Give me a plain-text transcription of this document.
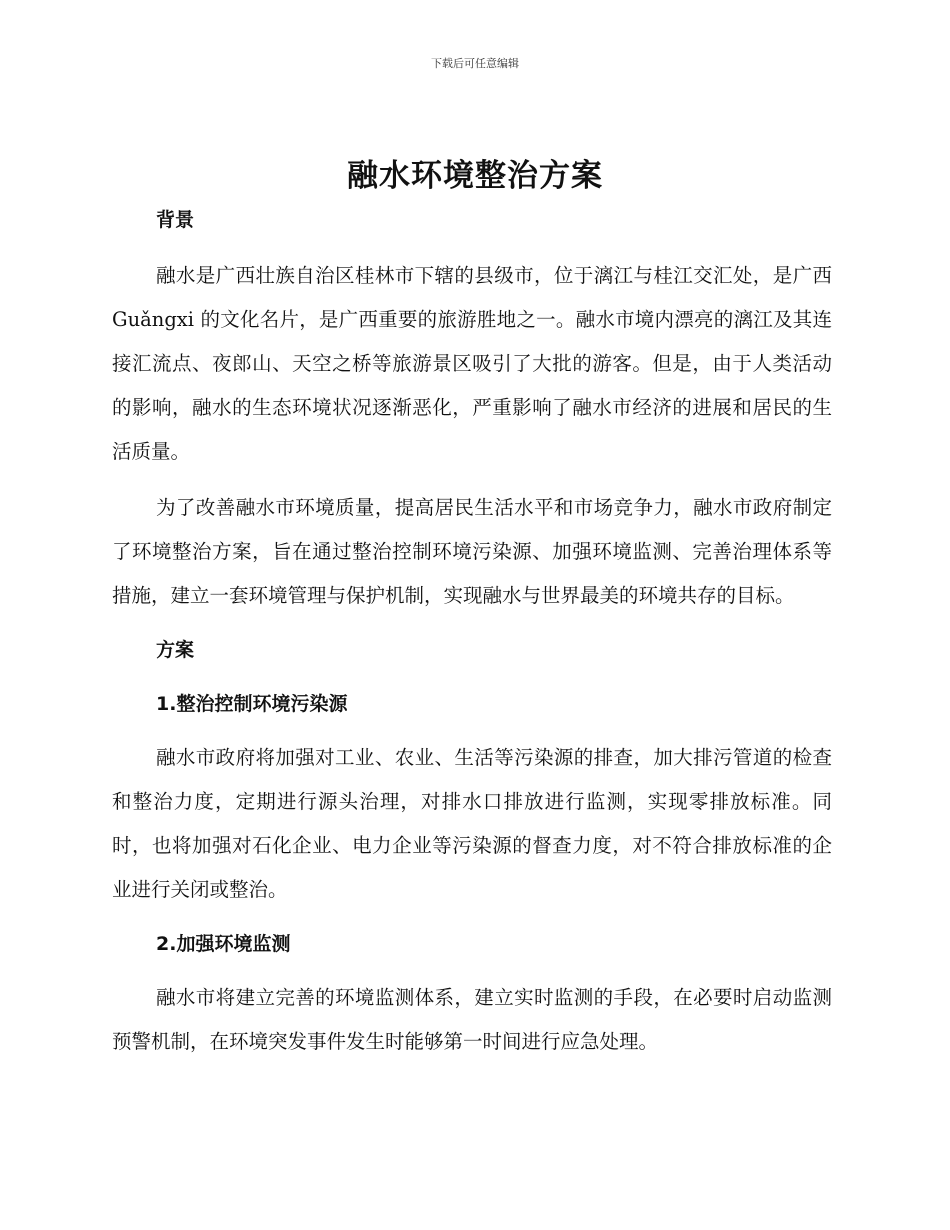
下载后可任意编辑
融水环境整治方案

背景

融水是广西壮族自治区桂林市下辖的县级市，位于漓江与桂江交汇处，是广西 Guǎngxi 的文化名片，是广西重要的旅游胜地之一。融水市境内漂亮的漓江及其连接汇流点、夜郎山、天空之桥等旅游景区吸引了大批的游客。但是，由于人类活动的影响，融水的生态环境状况逐渐恶化，严重影响了融水市经济的进展和居民的生活质量。

为了改善融水市环境质量，提高居民生活水平和市场竞争力，融水市政府制定了环境整治方案，旨在通过整治控制环境污染源、加强环境监测、完善治理体系等措施，建立一套环境管理与保护机制，实现融水与世界最美的环境共存的目标。

方案

1.整治控制环境污染源

融水市政府将加强对工业、农业、生活等污染源的排查，加大排污管道的检查和整治力度，定期进行源头治理，对排水口排放进行监测，实现零排放标准。同时，也将加强对石化企业、电力企业等污染源的督查力度，对不符合排放标准的企业进行关闭或整治。

2.加强环境监测

融水市将建立完善的环境监测体系，建立实时监测的手段，在必要时启动监测预警机制，在环境突发事件发生时能够第一时间进行应急处理。
